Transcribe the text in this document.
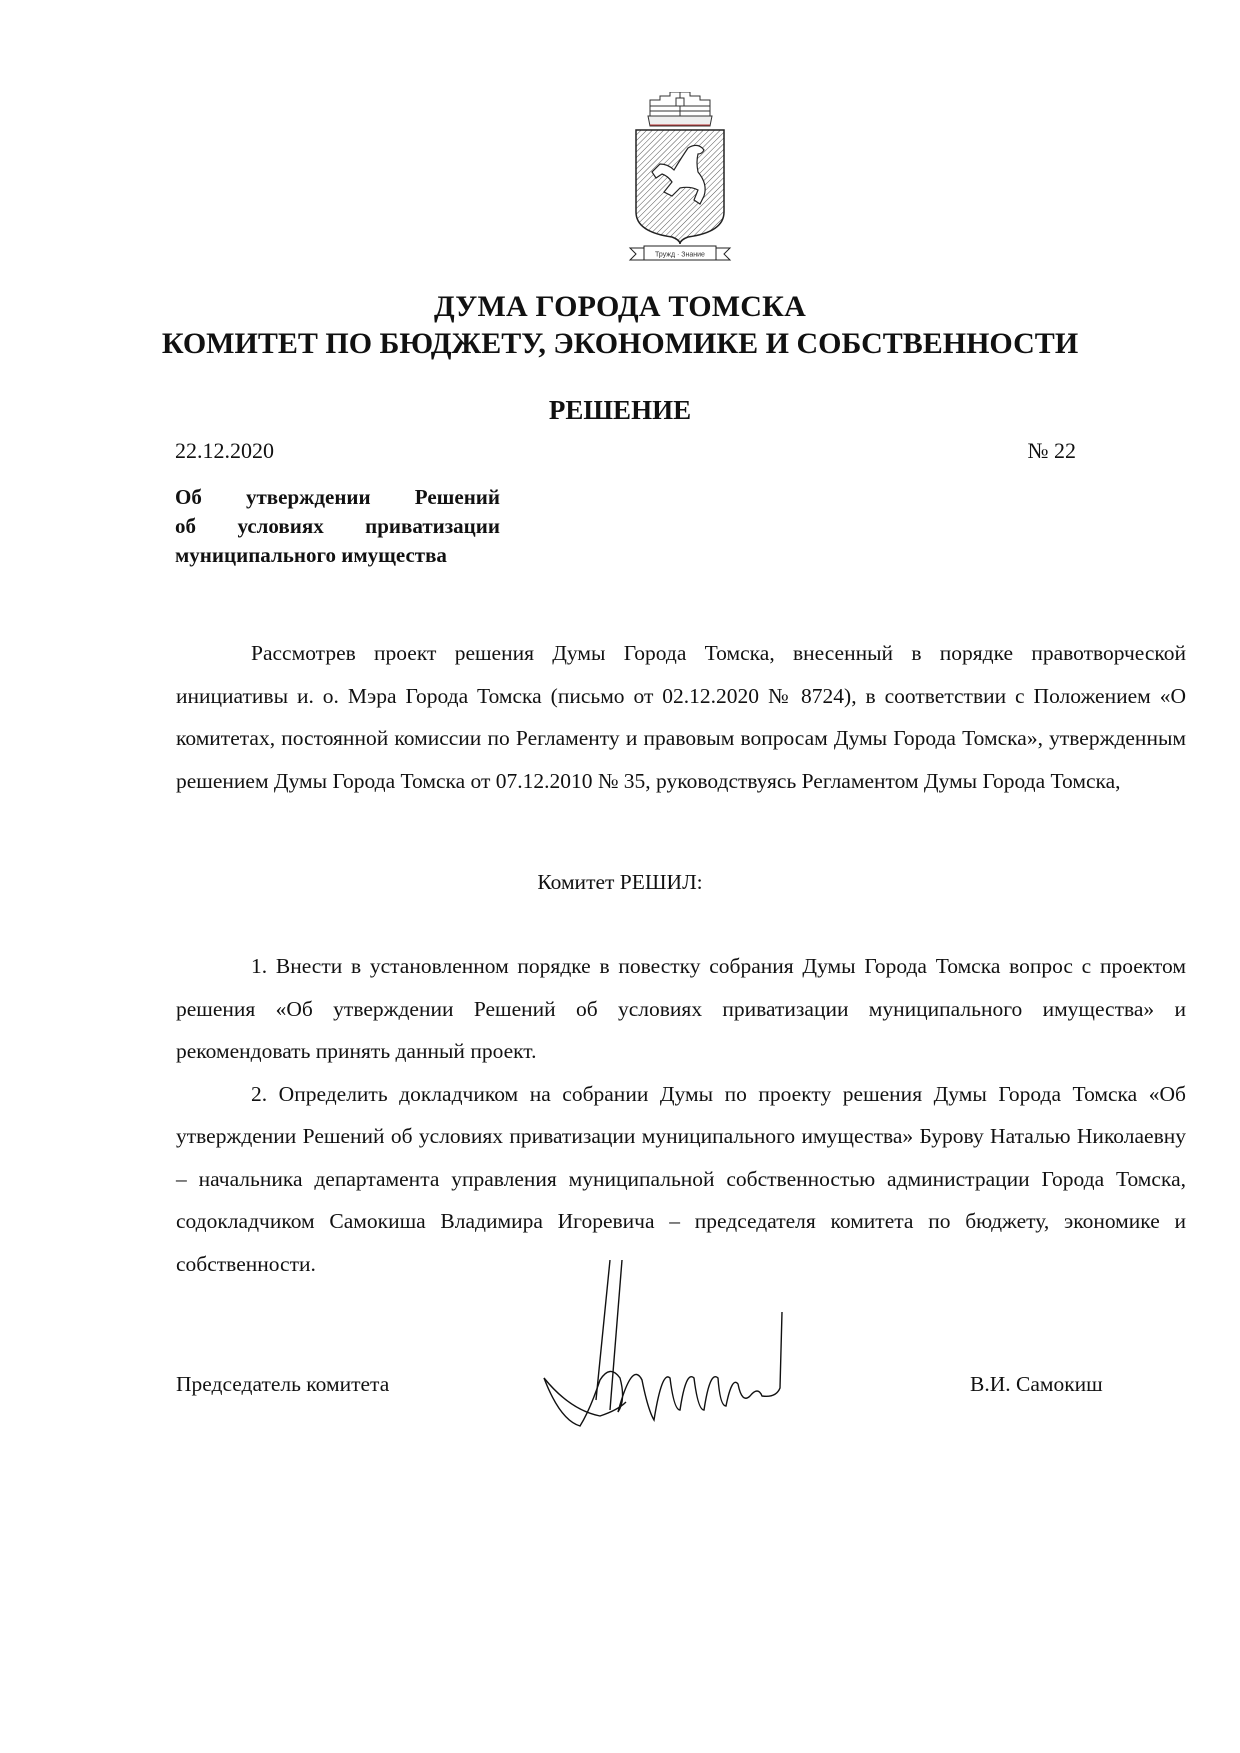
Тружд · Знание
ДУМА ГОРОДА ТОМСКА
КОМИТЕТ ПО БЮДЖЕТУ, ЭКОНОМИКЕ И СОБСТВЕННОСТИ
РЕШЕНИЕ
22.12.2020	№ 22
Об утверждении Решений
об условиях приватизации
муниципального имущества

Рассмотрев проект решения Думы Города Томска, внесенный в порядке правотворческой инициативы и. о. Мэра Города Томска (письмо от 02.12.2020 № 8724), в соответствии с Положением «О комитетах, постоянной комиссии по Регламенту и правовым вопросам Думы Города Томска», утвержденным решением Думы Города Томска от 07.12.2010 № 35, руководствуясь Регламентом Думы Города Томска,

Комитет РЕШИЛ:

1. Внести в установленном порядке в повестку собрания Думы Города Томска вопрос с проектом решения «Об утверждении Решений об условиях приватизации муниципального имущества» и рекомендовать принять данный проект.

2. Определить докладчиком на собрании Думы по проекту решения Думы Города Томска «Об утверждении Решений об условиях приватизации муниципального имущества» Бурову Наталью Николаевну – начальника департамента управления муниципальной собственностью администрации Города Томска, содокладчиком Самокиша Владимира Игоревича – председателя комитета по бюджету, экономике и собственности.

Председатель комитета	В.И. Самокиш
